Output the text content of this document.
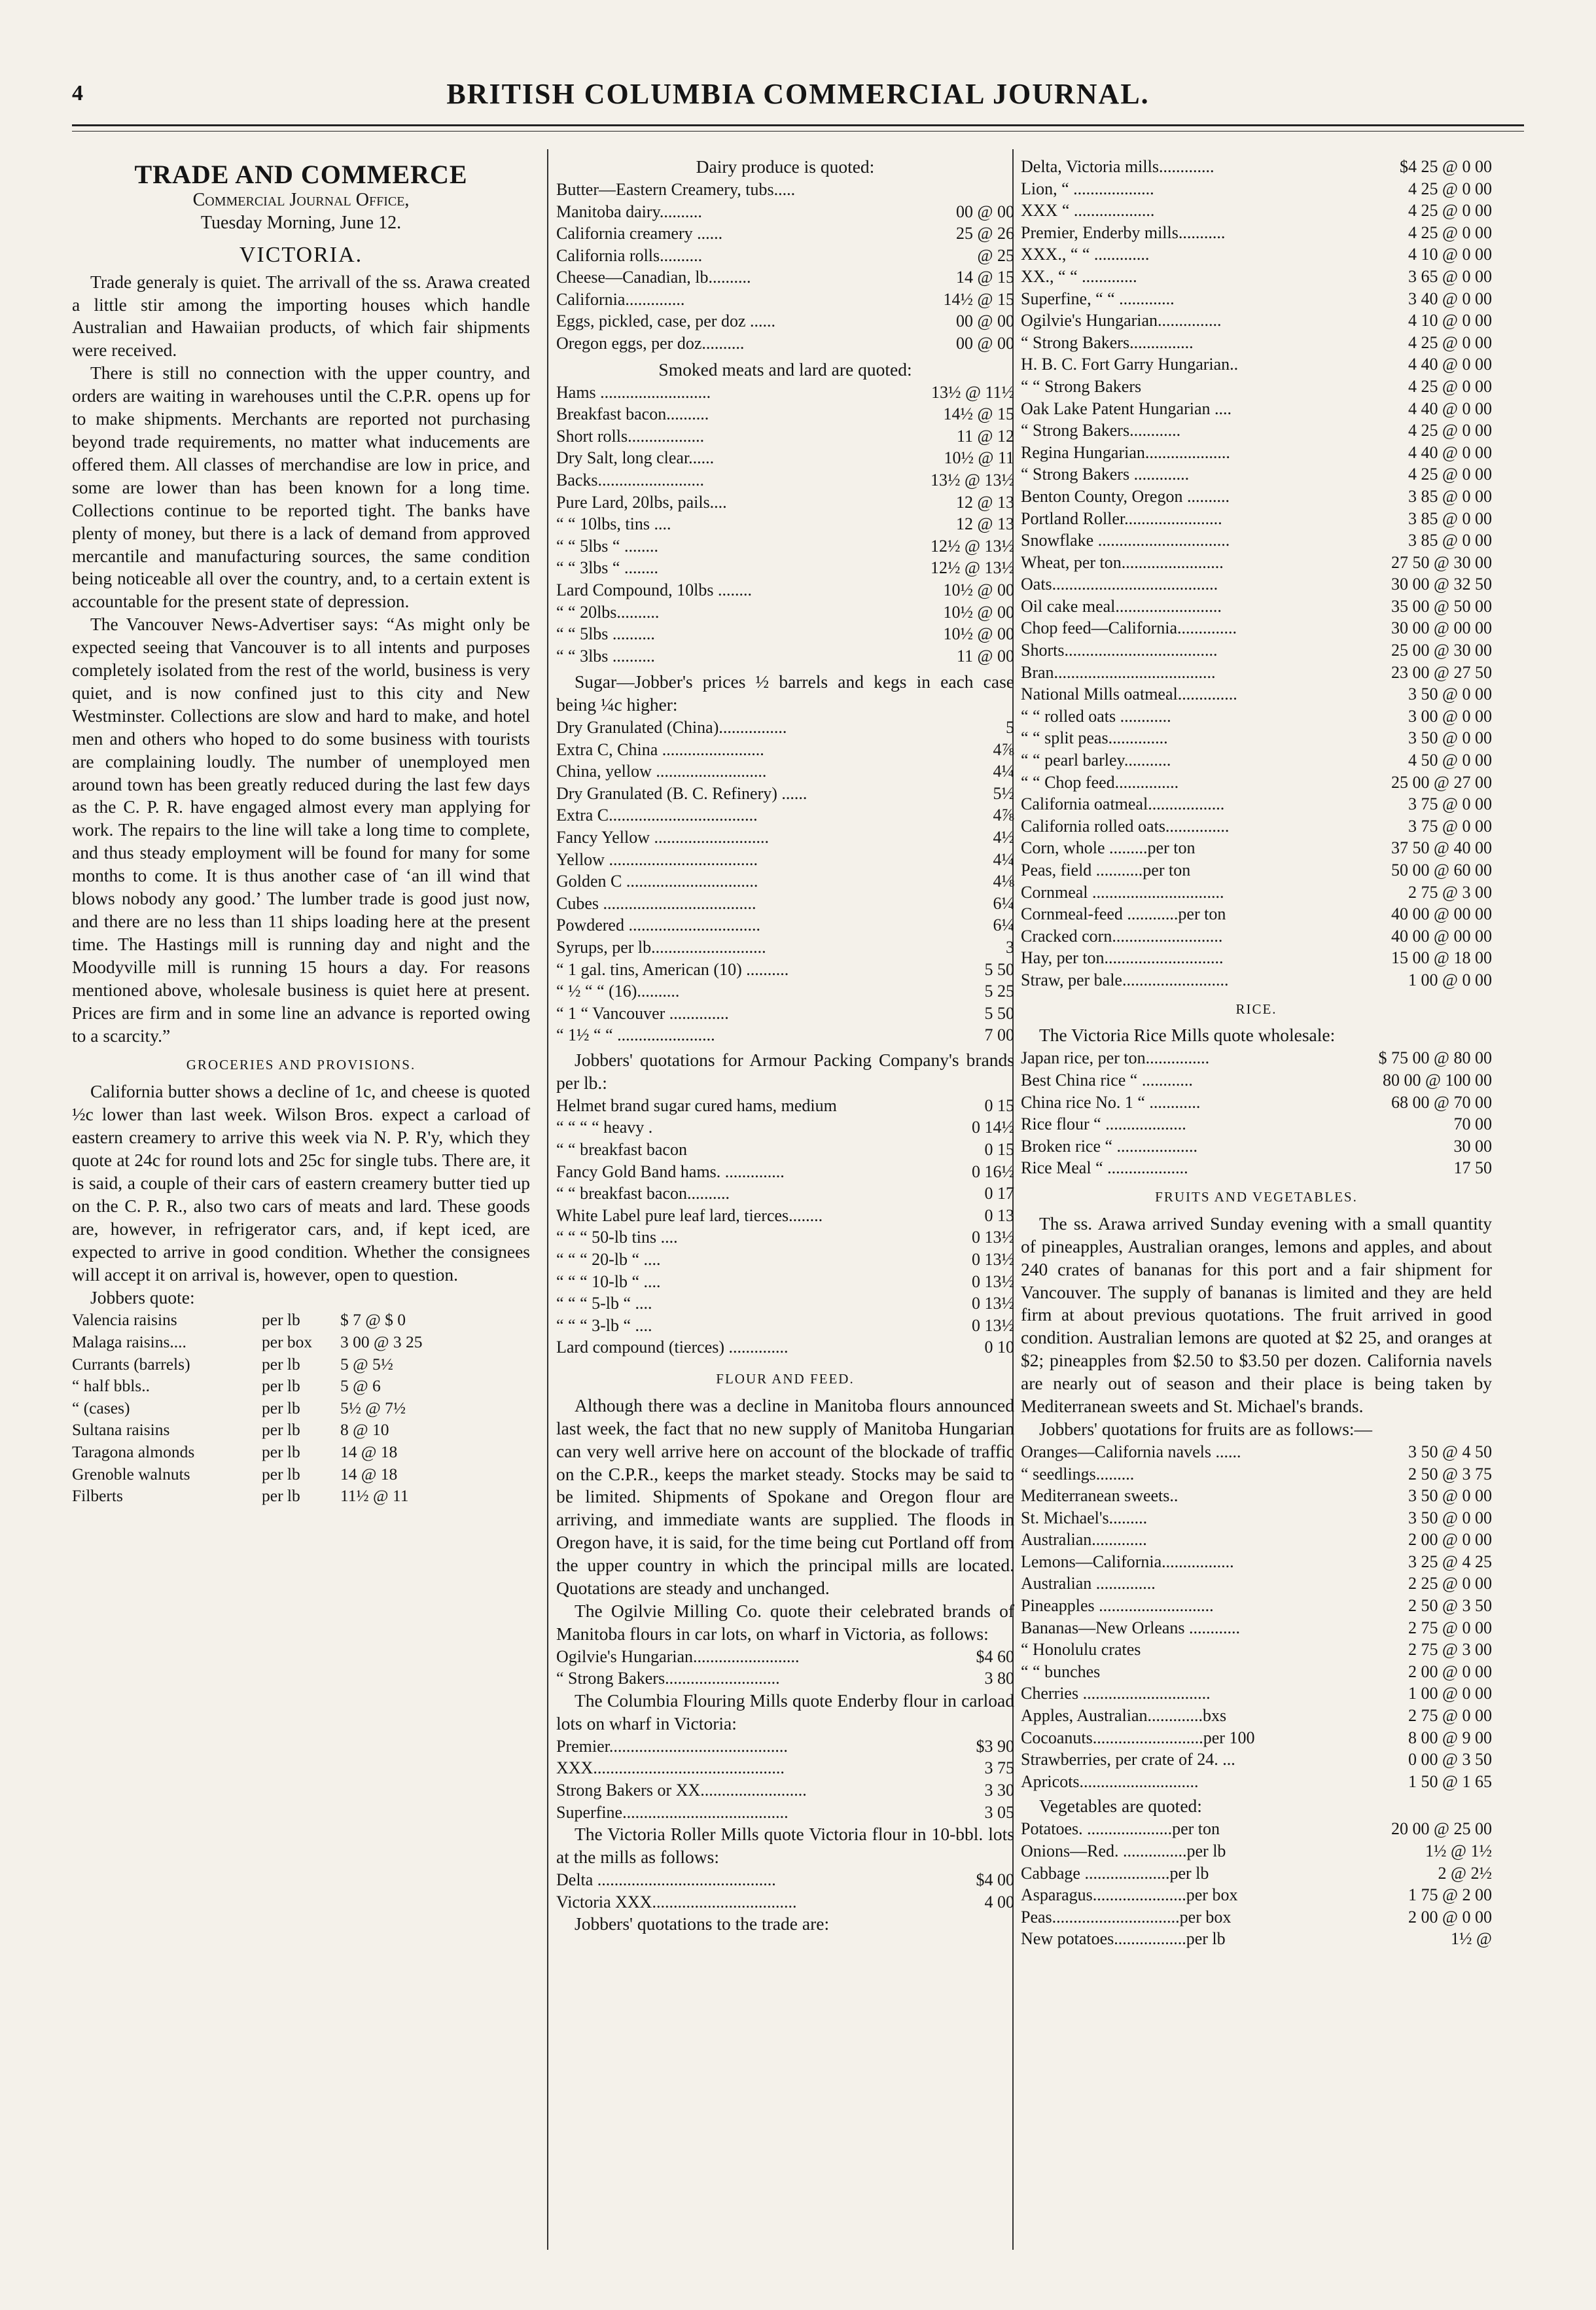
4	BRITISH COLUMBIA COMMERCIAL JOURNAL.
TRADE AND COMMERCE
Commercial Journal Office,
Tuesday Morning, June 12.
VICTORIA.

Trade generaly is quiet. The arrivall of the ss. Arawa created a little stir among the importing houses which handle Australian and Hawaiian products, of which fair shipments were received.

There is still no connection with the upper country, and orders are waiting in warehouses until the C.P.R. opens up for to make shipments. Merchants are reported not purchasing beyond trade requirements, no matter what inducements are offered them. All classes of merchandise are low in price, and some are lower than has been known for a long time. Collections continue to be reported tight. The banks have plenty of money, but there is a lack of demand from approved mercantile and manufacturing sources, the same condition being noticeable all over the country, and, to a certain extent is accountable for the present state of depression.

The Vancouver News-Advertiser says: “As might only be expected seeing that Vancouver is to all intents and purposes completely isolated from the rest of the world, business is very quiet, and is now confined just to this city and New Westminster. Collections are slow and hard to make, and hotel men and others who hoped to do some business with tourists are complaining loudly. The number of unemployed men around town has been greatly reduced during the last few days as the C. P. R. have engaged almost every man applying for work. The repairs to the line will take a long time to complete, and thus steady employment will be found for many for some months to come. It is thus another case of ‘an ill wind that blows nobody any good.’ The lumber trade is good just now, and there are no less than 11 ships loading here at the present time. The Hastings mill is running day and night and the Moodyville mill is running 15 hours a day. For reasons mentioned above, wholesale business is quiet here at present. Prices are firm and in some line an advance is reported owing to a scarcity.”

GROCERIES AND PROVISIONS.

California butter shows a decline of 1c, and cheese is quoted ½c lower than last week. Wilson Bros. expect a carload of eastern creamery to arrive this week via N. P. R'y, which they quote at 24c for round lots and 25c for single tubs. There are, it is said, a couple of their cars of eastern creamery butter tied up on the C. P. R., also two cars of meats and lard. These goods are, however, in refrigerator cars, and, if kept iced, are expected to arrive in good condition. Whether the consignees will accept it on arrival is, however, open to question.

Jobbers quote:

Valencia raisins	per lb	$ 7 @ $ 0
Malaga raisins....	per box	3 00 @ 3 25
Currants (barrels)	per lb	5 @ 5½
“ half bbls..	per lb	5 @ 6
“ (cases)	per lb	5½ @ 7½
Sultana raisins	per lb	8 @ 10
Taragona almonds	per lb	14 @ 18
Grenoble walnuts	per lb	14 @ 18
Filberts	per lb	11½ @ 11

Dairy produce is quoted:

Butter—Eastern Creamery, tubs.....
Manitoba dairy..........	00 @ 00
California creamery ......	25 @ 26
California rolls..........	@ 25
Cheese—Canadian, lb..........	14 @ 15
California..............	14½ @ 15
Eggs, pickled, case, per doz ......	00 @ 00
Oregon eggs, per doz..........	00 @ 00

Smoked meats and lard are quoted:

Hams ..........................	13½ @ 11½
Breakfast bacon..........	14½ @ 15
Short rolls..................	11 @ 12
Dry Salt, long clear......	10½ @ 11
Backs.........................	13½ @ 13½
Pure Lard, 20lbs, pails....	12 @ 13
“ “ 10lbs, tins ....	12 @ 13
“ “ 5lbs “ ........	12½ @ 13½
“ “ 3lbs “ ........	12½ @ 13½
Lard Compound, 10lbs ........	10½ @ 00
“ “ 20lbs..........	10½ @ 00
“ “ 5lbs ..........	10½ @ 00
“ “ 3lbs ..........	11 @ 00

Sugar—Jobber's prices ½ barrels and kegs in each case being ¼c higher:

Dry Granulated (China)................	5
Extra C, China ........................	4⅞
China, yellow ..........................	4¼
Dry Granulated (B. C. Refinery) ......	5½
Extra C...................................	4⅞
Fancy Yellow ...........................	4½
Yellow ...................................	4¼
Golden C ...............................	4⅛
Cubes ....................................	6¼
Powdered ...............................	6¼
Syrups, per lb...........................	3
“ 1 gal. tins, American (10) ..........	5 50
“ ½ “ “ (16)..........	5 25
“ 1 “ Vancouver ..............	5 50
“ 1½ “ “ .......................	7 00

Jobbers' quotations for Armour Packing Company's brands per lb.:

Helmet brand sugar cured hams, medium	0 15
“ “ “ “ heavy .	0 14½
“ “ breakfast bacon	0 15
Fancy Gold Band hams. ..............	0 16½
“ “ breakfast bacon..........	0 17
White Label pure leaf lard, tierces........	0 13
“ “ “ 50-lb tins ....	0 13½
“ “ “ 20-lb “ ....	0 13½
“ “ “ 10-lb “ ....	0 13½
“ “ “ 5-lb “ ....	0 13½
“ “ “ 3-lb “ ....	0 13½
Lard compound (tierces) ..............	0 10
FLOUR AND FEED.

Although there was a decline in Manitoba flours announced last week, the fact that no new supply of Manitoba Hungarian can very well arrive here on account of the blockade of traffic on the C.P.R., keeps the market steady. Stocks may be said to be limited. Shipments of Spokane and Oregon flour are arriving, and immediate wants are supplied. The floods in Oregon have, it is said, for the time being cut Portland off from the upper country in which the principal mills are located. Quotations are steady and unchanged.

The Ogilvie Milling Co. quote their celebrated brands of Manitoba flours in car lots, on wharf in Victoria, as follows:

Ogilvie's Hungarian.........................	$4 60
“ Strong Bakers...........................	3 80

The Columbia Flouring Mills quote Enderby flour in carload lots on wharf in Victoria:

Premier..........................................	$3 90
XXX.............................................	3 75
Strong Bakers or XX.........................	3 30
Superfine.......................................	3 05

The Victoria Roller Mills quote Victoria flour in 10-bbl. lots at the mills as follows:

Delta ..........................................	$4 00
Victoria XXX..................................	4 00

Jobbers' quotations to the trade are:

Delta, Victoria mills.............	$4 25 @ 0 00
Lion, “ ...................	4 25 @ 0 00
XXX “ ...................	4 25 @ 0 00
Premier, Enderby mills...........	4 25 @ 0 00
XXX., “ “ .............	4 10 @ 0 00
XX., “ “ .............	3 65 @ 0 00
Superfine, “ “ .............	3 40 @ 0 00
Ogilvie's Hungarian...............	4 10 @ 0 00
“ Strong Bakers...............	4 25 @ 0 00
H. B. C. Fort Garry Hungarian..	4 40 @ 0 00
“ “ Strong Bakers	4 25 @ 0 00
Oak Lake Patent Hungarian ....	4 40 @ 0 00
“ Strong Bakers............	4 25 @ 0 00
Regina Hungarian....................	4 40 @ 0 00
“ Strong Bakers .............	4 25 @ 0 00
Benton County, Oregon ..........	3 85 @ 0 00
Portland Roller.......................	3 85 @ 0 00
Snowflake ...............................	3 85 @ 0 00
Wheat, per ton........................	27 50 @ 30 00
Oats.......................................	30 00 @ 32 50
Oil cake meal.........................	35 00 @ 50 00
Chop feed—California..............	30 00 @ 00 00
Shorts....................................	25 00 @ 30 00
Bran......................................	23 00 @ 27 50
National Mills oatmeal..............	3 50 @ 0 00
“ “ rolled oats ............	3 00 @ 0 00
“ “ split peas..............	3 50 @ 0 00
“ “ pearl barley...........	4 50 @ 0 00
“ “ Chop feed...............	25 00 @ 27 00
California oatmeal..................	3 75 @ 0 00
California rolled oats...............	3 75 @ 0 00
Corn, whole .........per ton	37 50 @ 40 00
Peas, field ...........per ton	50 00 @ 60 00
Cornmeal ...............................	2 75 @ 3 00
Cornmeal-feed ............per ton	40 00 @ 00 00
Cracked corn..........................	40 00 @ 00 00
Hay, per ton............................	15 00 @ 18 00
Straw, per bale.........................	1 00 @ 0 00
RICE.

The Victoria Rice Mills quote wholesale:

Japan rice, per ton...............	$ 75 00 @ 80 00
Best China rice “ ............	80 00 @ 100 00
China rice No. 1 “ ............	68 00 @ 70 00
Rice flour “ ...................	70 00
Broken rice “ ...................	30 00
Rice Meal “ ...................	17 50
FRUITS AND VEGETABLES.

The ss. Arawa arrived Sunday evening with a small quantity of pineapples, Australian oranges, lemons and apples, and about 240 crates of bananas for this port and a fair shipment for Vancouver. The supply of bananas is limited and they are held firm at about previous quotations. The fruit arrived in good condition. Australian lemons are quoted at $2 25, and oranges at $2; pineapples from $2.50 to $3.50 per dozen. California navels are nearly out of season and their place is being taken by Mediterranean sweets and St. Michael's brands.

Jobbers' quotations for fruits are as follows:—

Oranges—California navels ......	3 50 @ 4 50
“ seedlings.........	2 50 @ 3 75
Mediterranean sweets..	3 50 @ 0 00
St. Michael's.........	3 50 @ 0 00
Australian.............	2 00 @ 0 00
Lemons—California.................	3 25 @ 4 25
Australian ..............	2 25 @ 0 00
Pineapples ...........................	2 50 @ 3 50
Bananas—New Orleans ............	2 75 @ 0 00
“ Honolulu crates	2 75 @ 3 00
“ “ bunches	2 00 @ 0 00
Cherries ..............................	1 00 @ 0 00
Apples, Australian.............bxs	2 75 @ 0 00
Cocoanuts..........................per 100	8 00 @ 9 00
Strawberries, per crate of 24. ...	0 00 @ 3 50
Apricots............................	1 50 @ 1 65

Vegetables are quoted:

Potatoes. ....................per ton	20 00 @ 25 00
Onions—Red. ...............per lb	1½ @ 1½
Cabbage ....................per lb	2 @ 2½
Asparagus......................per box	1 75 @ 2 00
Peas..............................per box	2 00 @ 0 00
New potatoes.................per lb	1½ @
